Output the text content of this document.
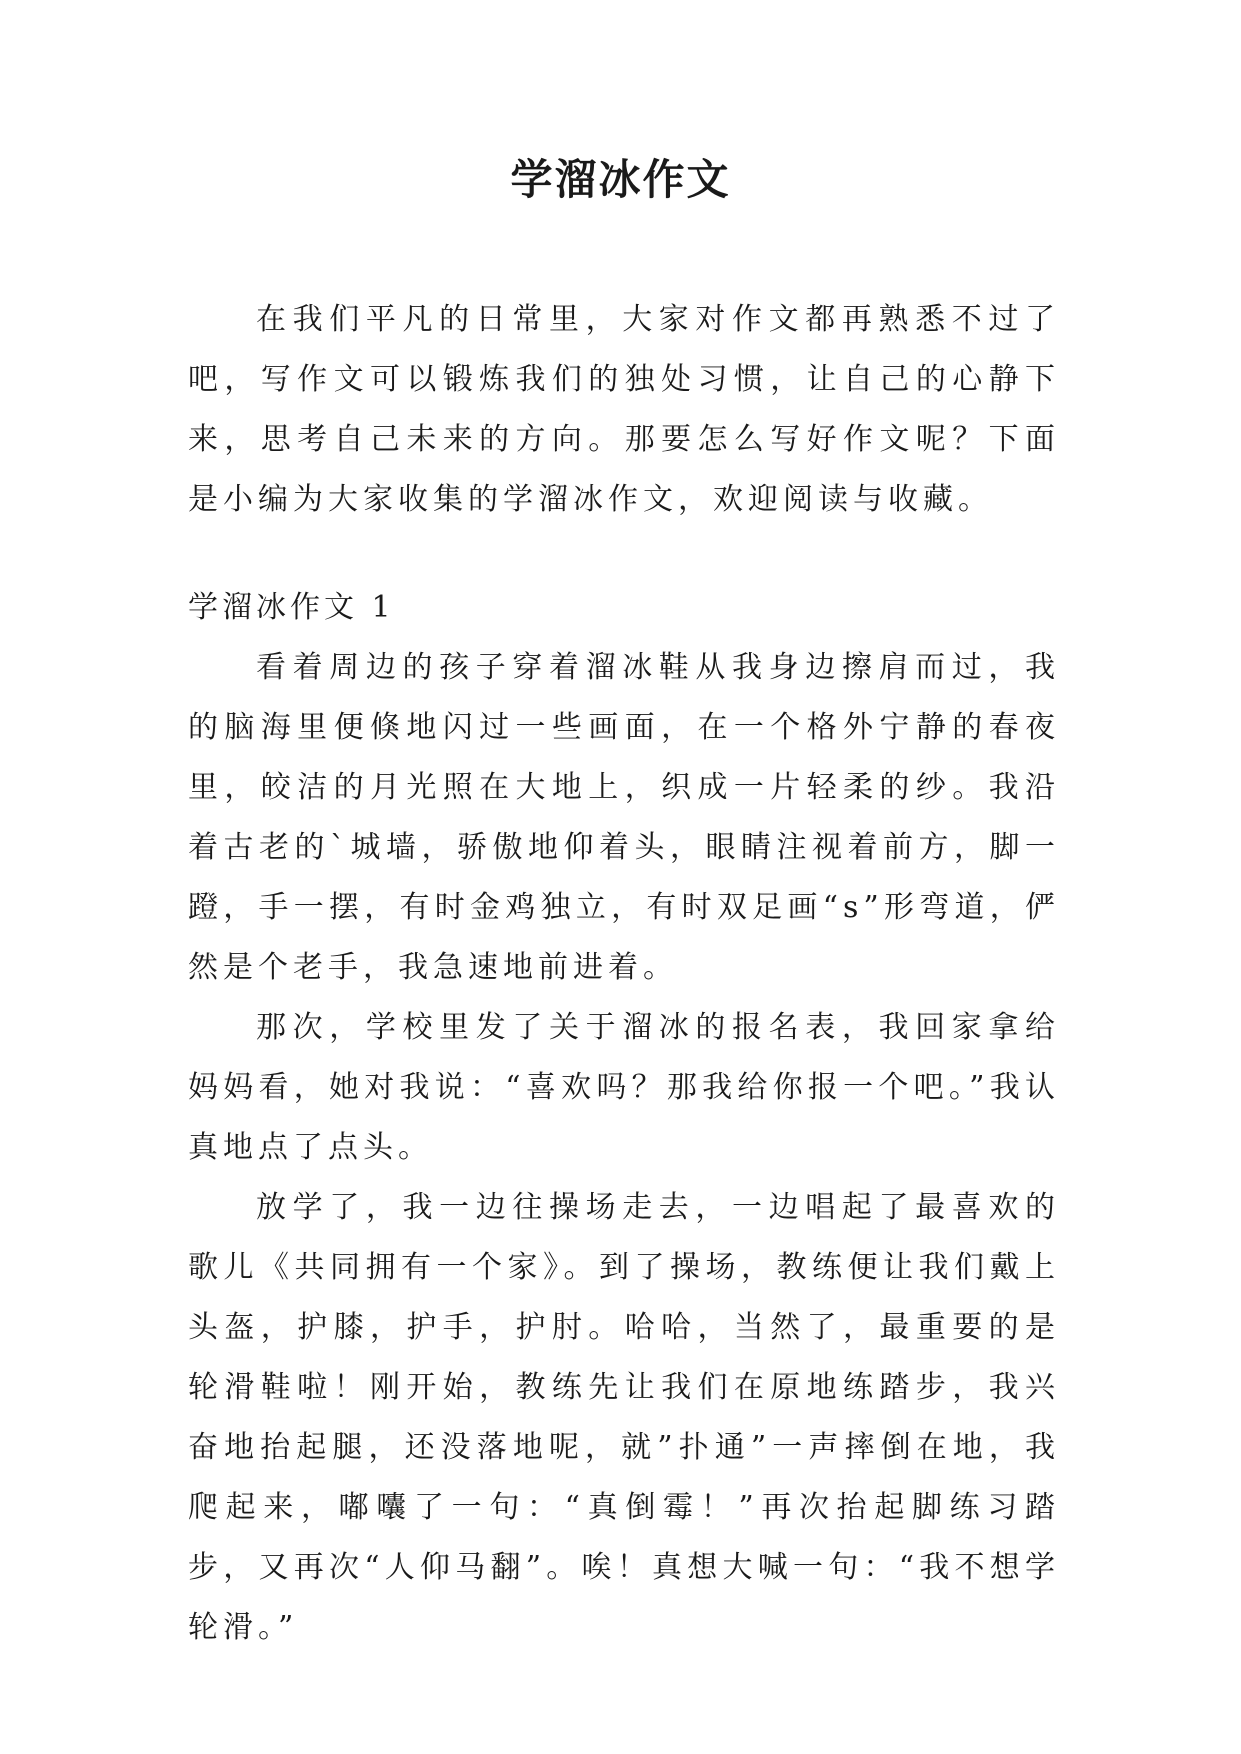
学溜冰作文

在我们平凡的日常里，大家对作文都再熟悉不过了吧，写作文可以锻炼我们的独处习惯，让自己的心静下来，思考自己未来的方向。那要怎么写好作文呢？下面是小编为大家收集的学溜冰作文，欢迎阅读与收藏。

学溜冰作文 1

看着周边的孩子穿着溜冰鞋从我身边擦肩而过，我的脑海里便倏地闪过一些画面，在一个格外宁静的春夜里，皎洁的月光照在大地上，织成一片轻柔的纱。我沿着古老的`城墙，骄傲地仰着头，眼睛注视着前方，脚一蹬，手一摆，有时金鸡独立，有时双足画“s”形弯道，俨然是个老手，我急速地前进着。

那次，学校里发了关于溜冰的报名表，我回家拿给妈妈看，她对我说：“喜欢吗？那我给你报一个吧。”我认真地点了点头。

放学了，我一边往操场走去，一边唱起了最喜欢的歌儿《共同拥有一个家》。到了操场，教练便让我们戴上头盔，护膝，护手，护肘。哈哈，当然了，最重要的是轮滑鞋啦！刚开始，教练先让我们在原地练踏步，我兴奋地抬起腿，还没落地呢，就”扑通”一声摔倒在地，我爬起来，嘟囔了一句：“真倒霉！”再次抬起脚练习踏步，又再次“人仰马翻”。唉！真想大喊一句：“我不想学轮滑。”
